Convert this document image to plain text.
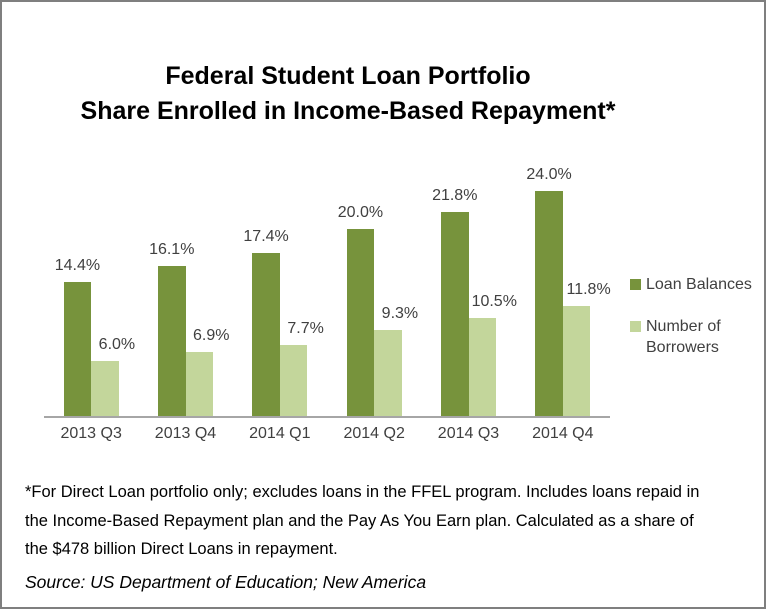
Federal Student Loan Portfolio
Share Enrolled in Income-Based Repayment*
14.4%
6.0%
2013 Q3
16.1%
6.9%
2013 Q4
17.4%
7.7%
2014 Q1
20.0%
9.3%
2014 Q2
21.8%
10.5%
2014 Q3
24.0%
11.8%
2014 Q4
Loan Balances
Number of
Borrowers
*For Direct Loan portfolio only; excludes loans in the FFEL program. Includes loans repaid in
the Income-Based Repayment plan and the Pay As You Earn plan. Calculated as a share of
the $478 billion Direct Loans in repayment.
Source: US Department of Education; New America
